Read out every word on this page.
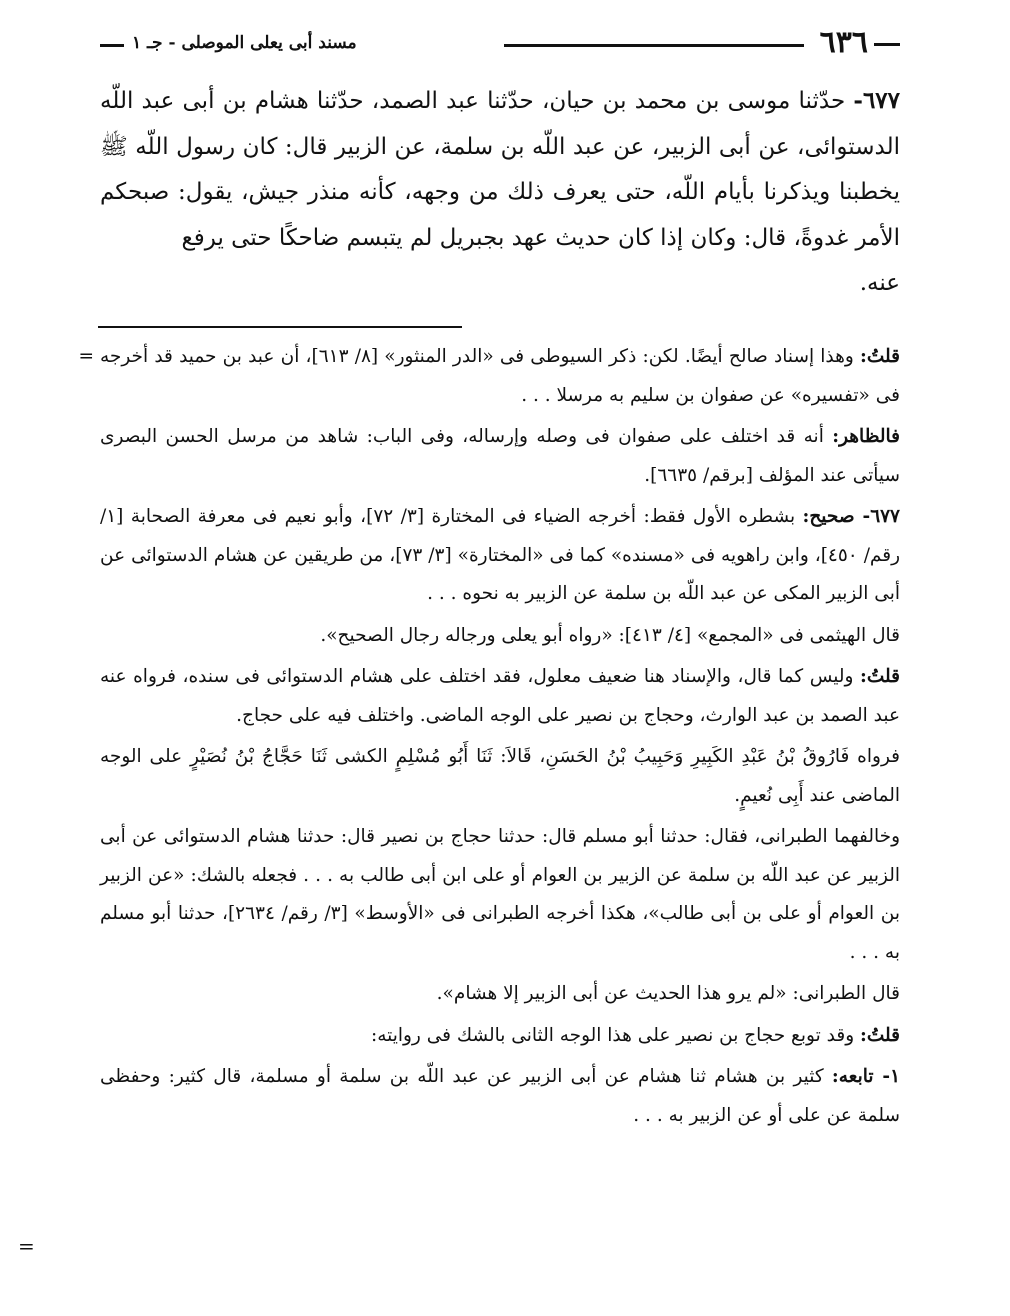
٦٣٦
مسند أبى يعلى الموصلى - جـ ١

٦٧٧- حدّثنا موسى بن محمد بن حيان، حدّثنا عبد الصمد، حدّثنا هشام بن أبى عبد اللّه الدستوائى، عن أبى الزبير، عن عبد اللّه بن سلمة، عن الزبير قال: كان رسول اللّه ﷺ يخطبنا ويذكرنا بأيام اللّه، حتى يعرف ذلك من وجهه، كأنه منذر جيش، يقول: صبحكم الأمر غدوةً، قال: وكان إذا كان حديث عهد بجبريل لم يتبسم ضاحكًا حتى يرفع
عنه.

=	قلتُ: وهذا إسناد صالح أيضًا. لكن: ذكر السيوطى فى «الدر المنثور» [٨/ ٦١٣]، أن عبد بن حميد قد أخرجه فى «تفسيره» عن صفوان بن سليم به مرسلا . . .

فالظاهر: أنه قد اختلف على صفوان فى وصله وإرساله، وفى الباب: شاهد من مرسل الحسن البصرى سيأتى عند المؤلف [برقم/ ٦٦٣٥].

٦٧٧- صحيح: بشطره الأول فقط: أخرجه الضياء فى المختارة [٣/ ٧٢]، وأبو نعيم فى معرفة الصحابة [١/ رقم/ ٤٥٠]، وابن راهويه فى «مسنده» كما فى «المختارة» [٣/ ٧٣]، من طريقين عن هشام الدستوائى عن أبى الزبير المكى عن عبد اللّه بن سلمة عن الزبير به نحوه . . .

قال الهيثمى فى «المجمع» [٤/ ٤١٣]: «رواه أبو يعلى ورجاله رجال الصحيح».

قلتُ: وليس كما قال، والإسناد هنا ضعيف معلول، فقد اختلف على هشام الدستوائى فى سنده، فرواه عنه عبد الصمد بن عبد الوارث، وحجاج بن نصير على الوجه الماضى. واختلف فيه على حجاج.

فرواه فَارُوقُ بْنُ عَبْدِ الكَبِيرِ وَحَبِيبُ بْنُ الحَسَنِ، قَالاَ: ثَنَا أَبُو مُسْلِمٍ الكشى ثَنَا حَجَّاجُ بْنُ نُصَيْرٍ على الوجه الماضى عند أَبِى نُعيمٍ.

وخالفهما الطبرانى، فقال: حدثنا أبو مسلم قال: حدثنا حجاج بن نصير قال: حدثنا هشام الدستوائى عن أبى الزبير عن عبد اللّه بن سلمة عن الزبير بن العوام أو على ابن أبى طالب به . . . فجعله بالشك: «عن الزبير بن العوام أو على بن أبى طالب»، هكذا أخرجه الطبرانى فى «الأوسط» [٣/ رقم/ ٢٦٣٤]، حدثنا أبو مسلم به . . .

قال الطبرانى: «لم يرو هذا الحديث عن أبى الزبير إلا هشام».

قلتُ: وقد توبع حجاج بن نصير على هذا الوجه الثانى بالشك فى روايته:

١- تابعه: كثير بن هشام ثنا هشام عن أبى الزبير عن عبد اللّه بن سلمة أو مسلمة، قال كثير: وحفظى سلمة عن على أو عن الزبير به . . .

=
